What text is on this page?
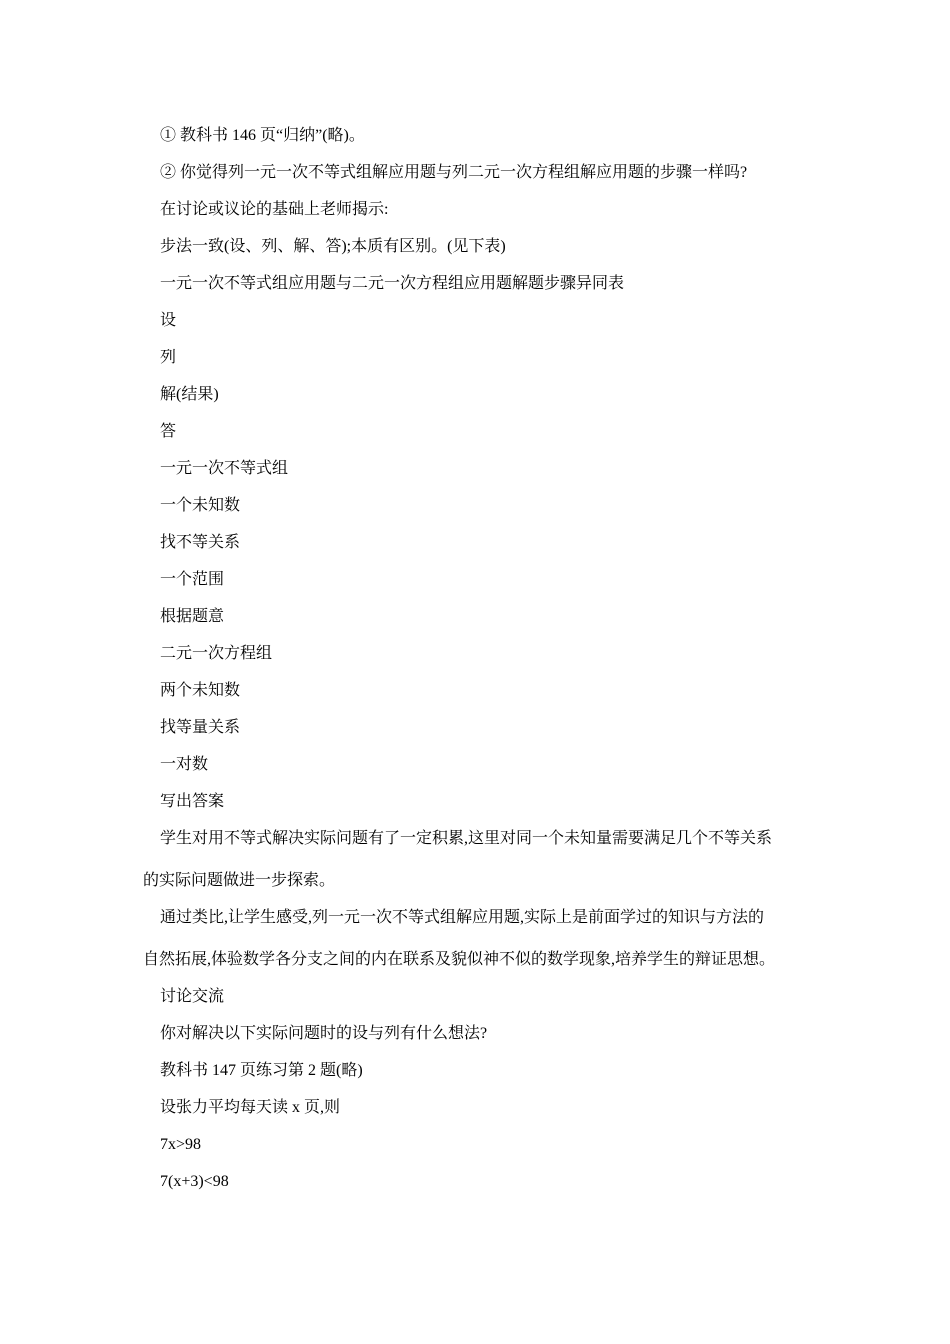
① 教科书 146 页“归纳”(略)。
② 你觉得列一元一次不等式组解应用题与列二元一次方程组解应用题的步骤一样吗?
在讨论或议论的基础上老师揭示:
步法一致(设、列、解、答);本质有区别。(见下表)
一元一次不等式组应用题与二元一次方程组应用题解题步骤异同表
设
列
解(结果)
答
一元一次不等式组
一个未知数
找不等关系
一个范围
根据题意
二元一次方程组
两个未知数
找等量关系
一对数
写出答案
学生对用不等式解决实际问题有了一定积累,这里对同一个未知量需要满足几个不等关系
的实际问题做进一步探索。
通过类比,让学生感受,列一元一次不等式组解应用题,实际上是前面学过的知识与方法的
自然拓展,体验数学各分支之间的内在联系及貌似神不似的数学现象,培养学生的辩证思想。
讨论交流
你对解决以下实际问题时的设与列有什么想法?
教科书 147 页练习第 2 题(略)
设张力平均每天读 x 页,则
7x>98
7(x+3)<98
